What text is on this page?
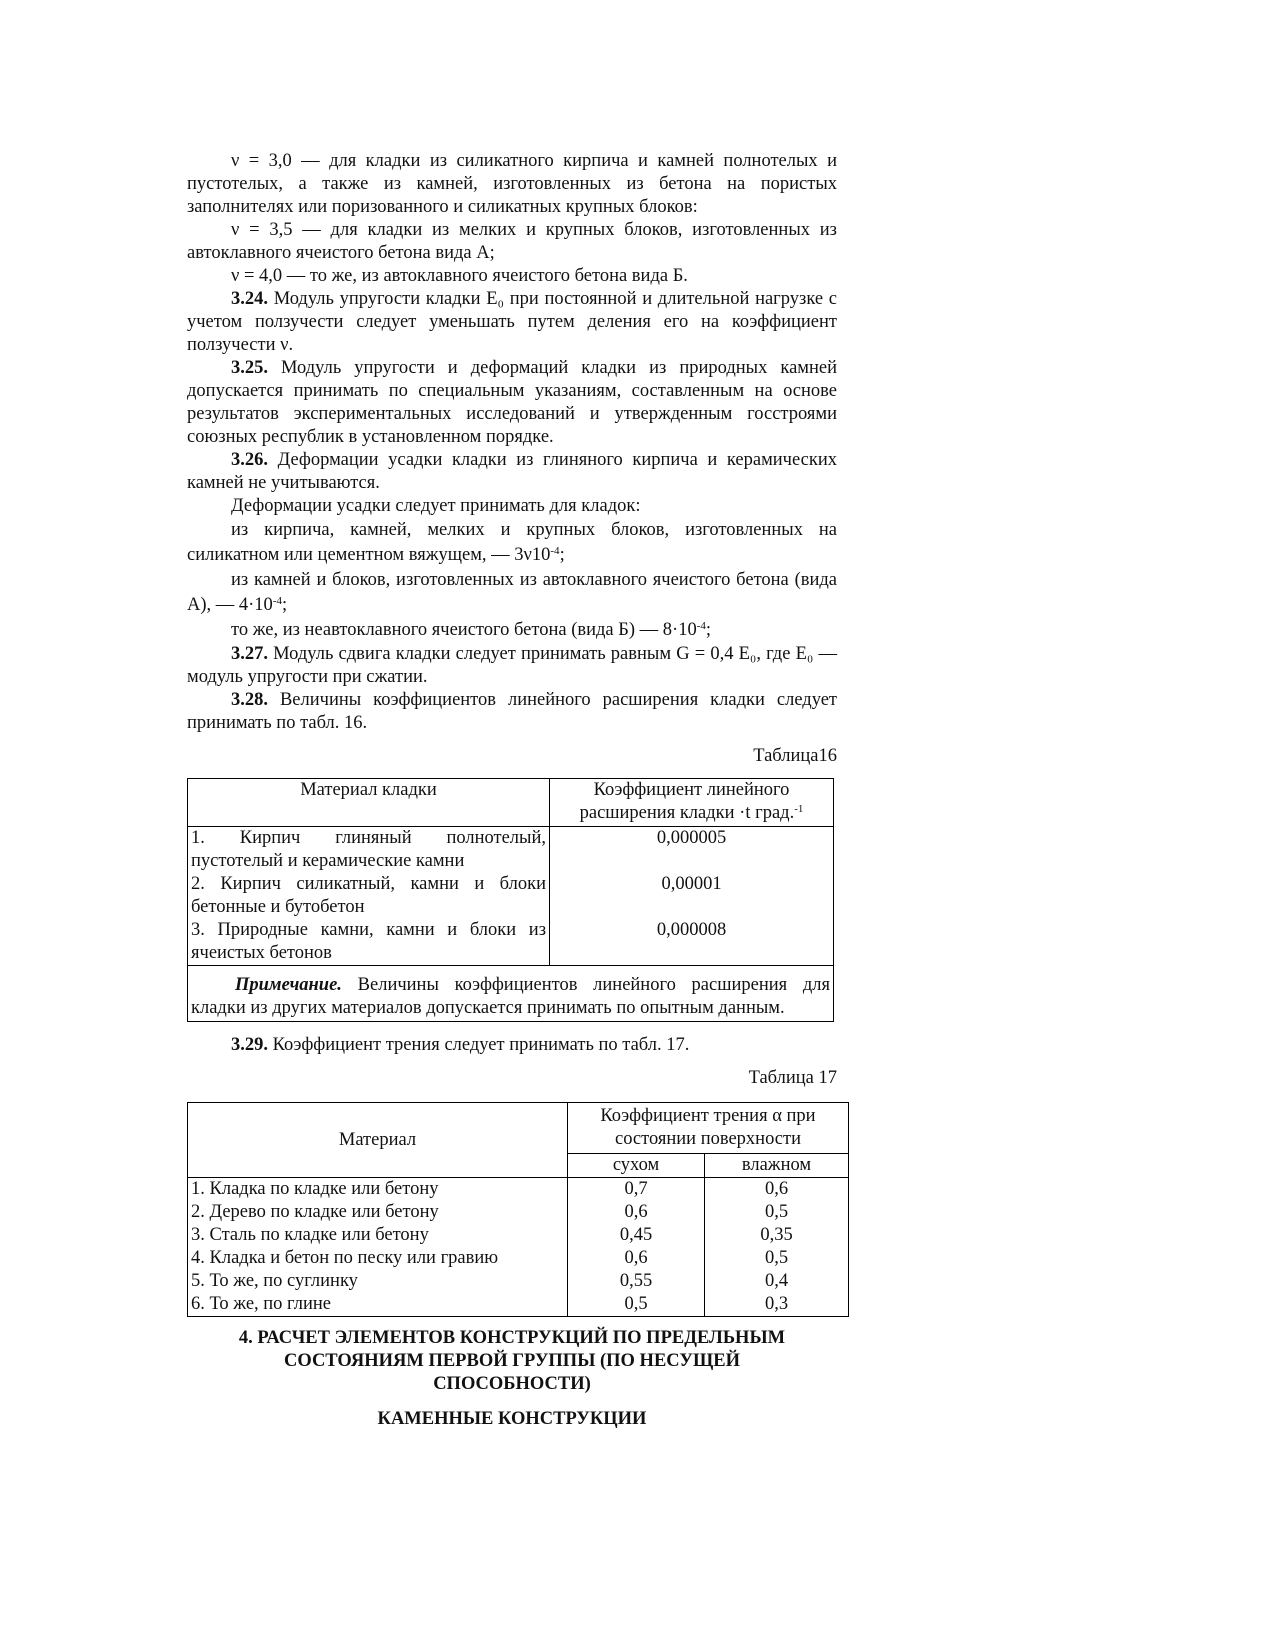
ν = 3,0 — для кладки из силикатного кирпича и камней полнотелых и пустотелых, а также из камней, изготовленных из бетона на пористых заполнителях или поризованного и силикатных крупных блоков:

ν = 3,5 — для кладки из мелких и крупных блоков, изготовленных из автоклавного ячеистого бетона вида А;

ν = 4,0 — то же, из автоклавного ячеистого бетона вида Б.

3.24. Модуль упругости кладки E₀ при постоянной и длительной нагрузке с учетом ползучести следует уменьшать путем деления его на коэффициент ползучести ν.

3.25. Модуль упругости и деформаций кладки из природных камней допускается принимать по специальным указаниям, составленным на основе результатов экспериментальных исследований и утвержденным госстроями союзных республик в установленном порядке.

3.26. Деформации усадки кладки из глиняного кирпича и керамических камней не учитываются.

Деформации усадки следует принимать для кладок:

из кирпича, камней, мелких и крупных блоков, изготовленных на силикатном или цементном вяжущем, — $3\nu 10^{-4}$;

из камней и блоков, изготовленных из автоклавного ячеистого бетона (вида А), — $4\cdot 10^{-4}$;

то же, из неавтоклавного ячеистого бетона (вида Б) — $8\cdot 10^{-4}$;

3.27. Модуль сдвига кладки следует принимать равным G = 0,4 E₀, где E₀ — модуль упругости при сжатии.

3.28. Величины коэффициентов линейного расширения кладки следует принимать по табл. 16.

Таблица16

Материал кладки	Коэффициент линейного расширения кладки ·t град.$^{-1}$
1. Кирпич глиняный полнотелый, пустотелый и керамические камни	0,000005
2. Кирпич силикатный, камни и блоки бетонные и бутобетон	0,00001
3. Природные камни, камни и блоки из ячеистых бетонов	0,000008
Примечание. Величины коэффициентов линейного расширения для кладки из других материалов допускается принимать по опытным данным.	

3.29. Коэффициент трения следует принимать по табл. 17.

Таблица 17

Материал	Коэффициент трения α при состоянии поверхности	
	сухом	влажном
1. Кладка по кладке или бетону	0,7	0,6
2. Дерево по кладке или бетону	0,6	0,5
3. Сталь по кладке или бетону	0,45	0,35
4. Кладка и бетон по песку или гравию	0,6	0,5
5. То же, по суглинку	0,55	0,4
6. То же, по глине	0,5	0,3

4. РАСЧЕТ ЭЛЕМЕНТОВ КОНСТРУКЦИЙ ПО ПРЕДЕЛЬНЫМ СОСТОЯНИЯМ ПЕРВОЙ ГРУППЫ (ПО НЕСУЩЕЙ СПОСОБНОСТИ)

КАМЕННЫЕ КОНСТРУКЦИИ
